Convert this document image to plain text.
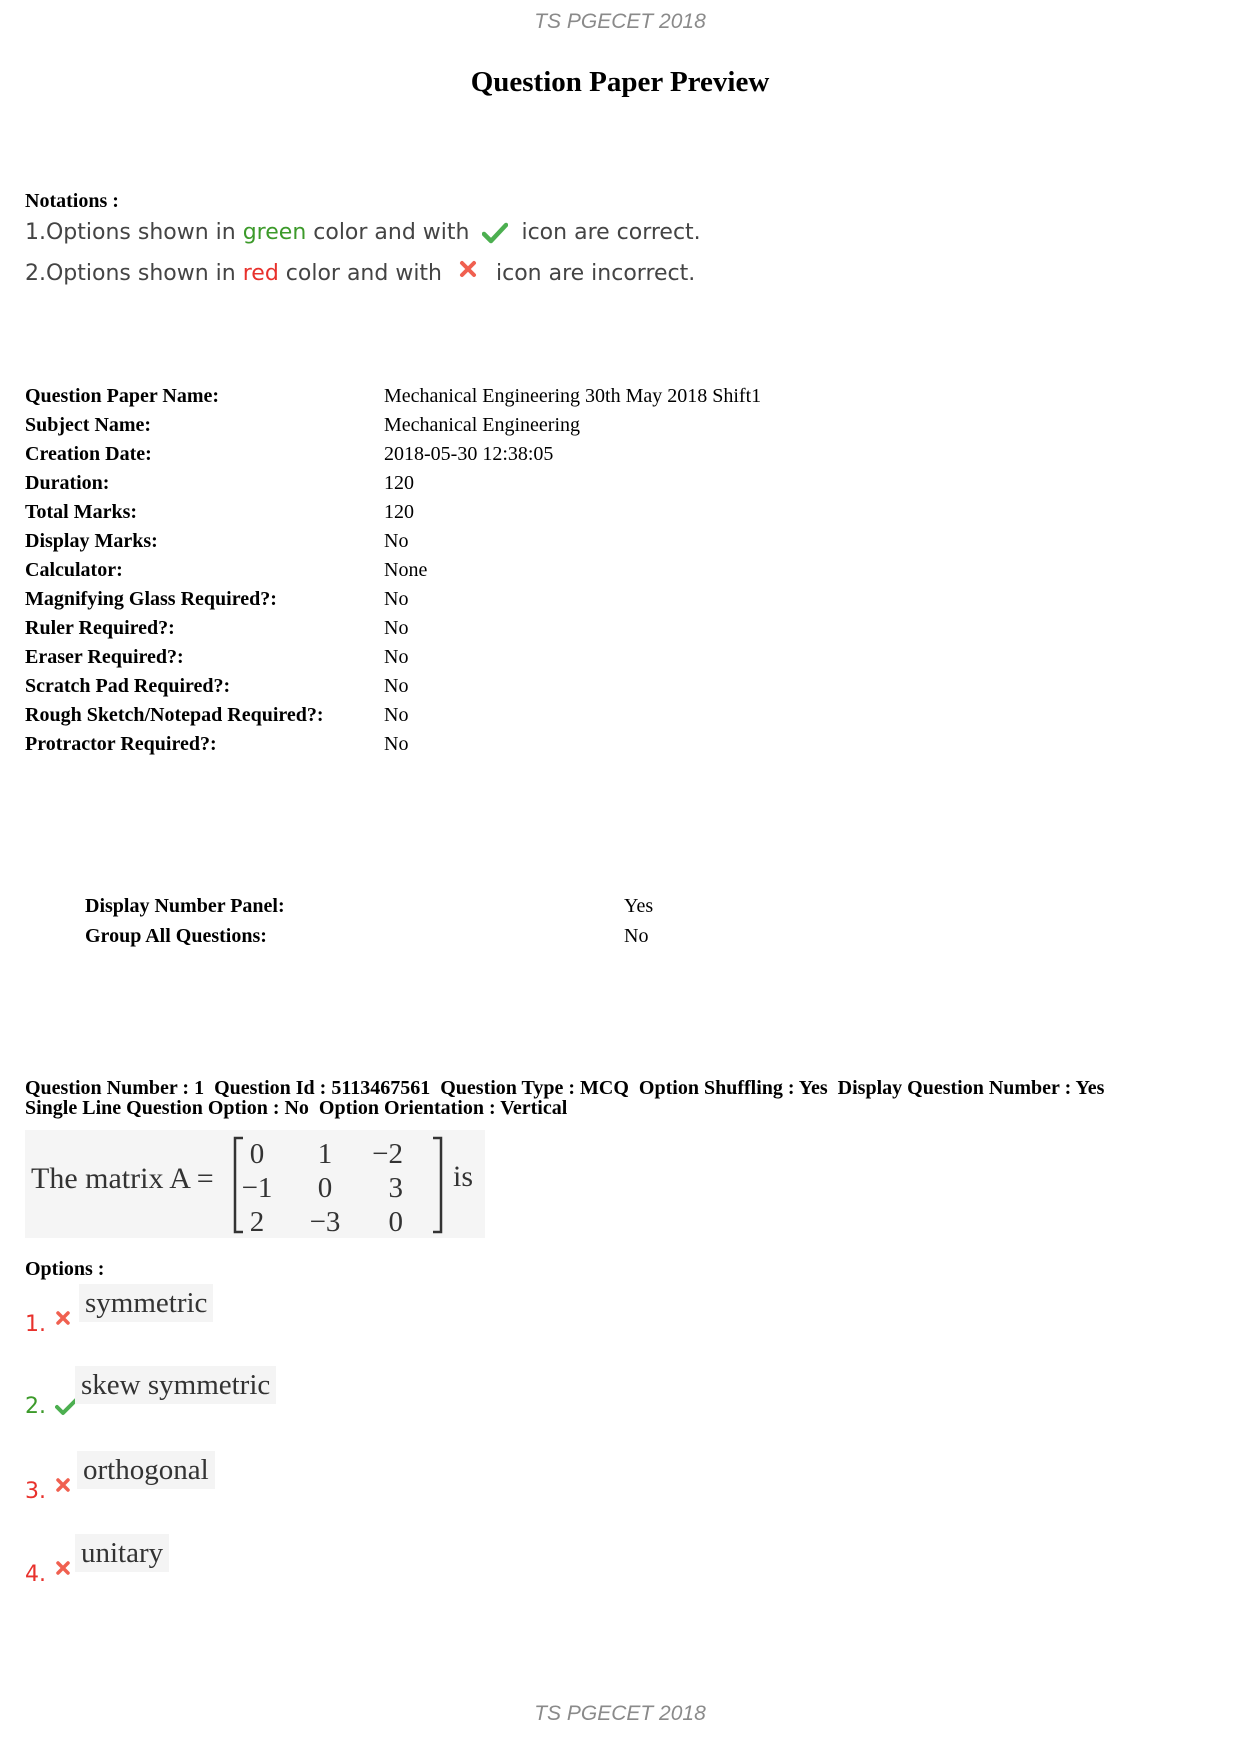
TS PGECET 2018
Question Paper Preview
Notations :
1.Options shown in green color and with icon are correct.
2.Options shown in red color and with icon are incorrect.
Question Paper Name:	Mechanical Engineering 30th May 2018 Shift1
Subject Name:	Mechanical Engineering
Creation Date:	2018-05-30 12:38:05
Duration:	120
Total Marks:	120
Display Marks:	No
Calculator:	None
Magnifying Glass Required?:	No
Ruler Required?:	No
Eraser Required?:	No
Scratch Pad Required?:	No
Rough Sketch/Notepad Required?:	No
Protractor Required?:	No
Display Number Panel:	Yes
Group All Questions:	No
Question Number : 1  Question Id : 5113467561  Question Type : MCQ  Option Shuffling : Yes  Display Question Number : Yes
Single Line Question Option : No  Option Orientation : Vertical
The matrix A =
0 1 −2
−1 0 3
2 −3 0
is
Options :
1.
symmetric
2.
skew symmetric
3.
orthogonal
4.
unitary
TS PGECET 2018
